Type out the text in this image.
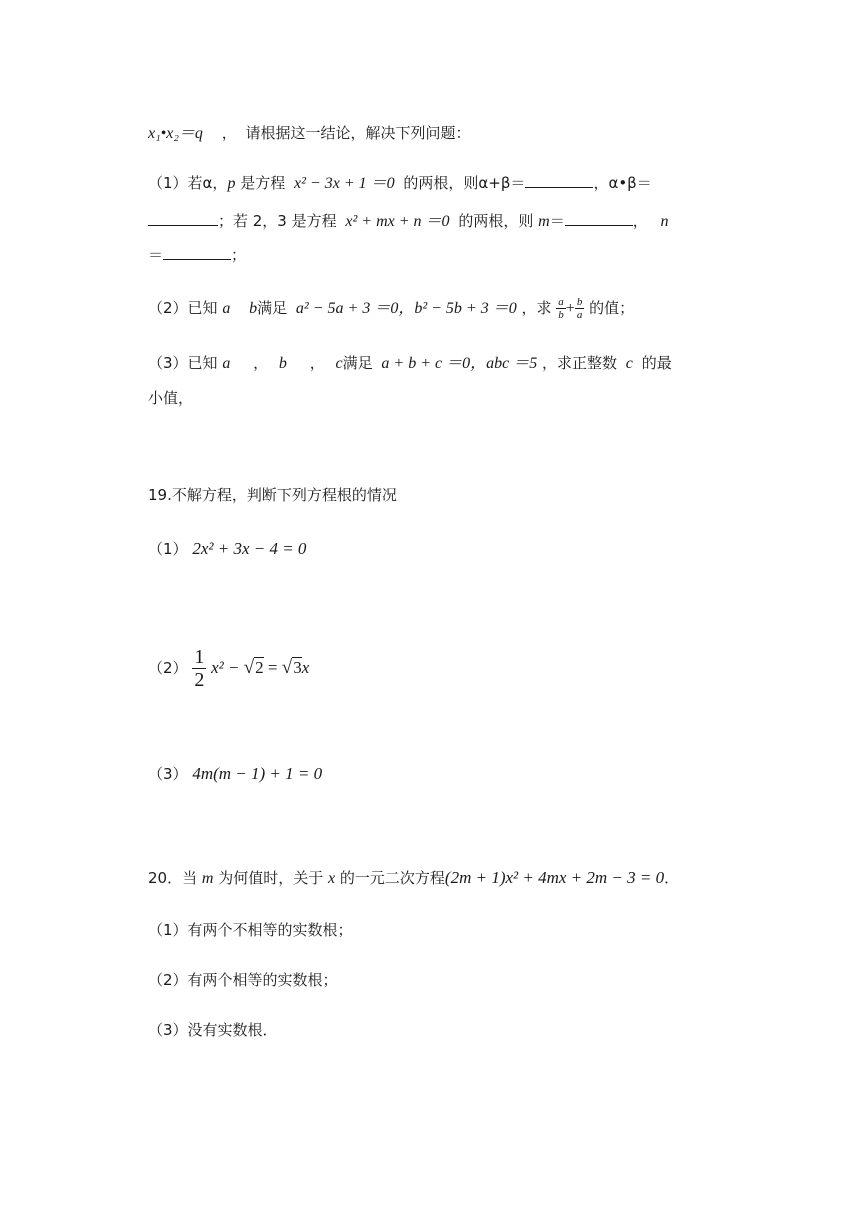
x₁•x₂＝q ， 请根据这一结论，解决下列问题：
（1）若α，p 是方程 x² − 3x + 1 ＝0 的两根，则α+β＝	，α•β＝
；若 2，3 是方程 x² + mx + n ＝0 的两根，则 m＝	， n
＝	；
（2）已知 a b满足 a² − 5a + 3 ＝0，b² − 5b + 3 ＝0 ，求 $\frac{a}{b} + \frac{b}{a}$ 的值；
（3）已知 a ， b ， c满足 a + b + c ＝0，abc ＝5 ，求正整数 c 的最
小值，
19.不解方程，判断下列方程根的情况
（1） 2x² + 3x − 4 = 0
$(2) \frac{1}{2} x^2 - √2 = √3x$
（3） 4m(m − 1) + 1 = 0
20．当 m 为何值时，关于 x 的一元二次方程(2m + 1)x² + 4mx + 2m − 3 = 0．
（1）有两个不相等的实数根；
（2）有两个相等的实数根；
（3）没有实数根．
